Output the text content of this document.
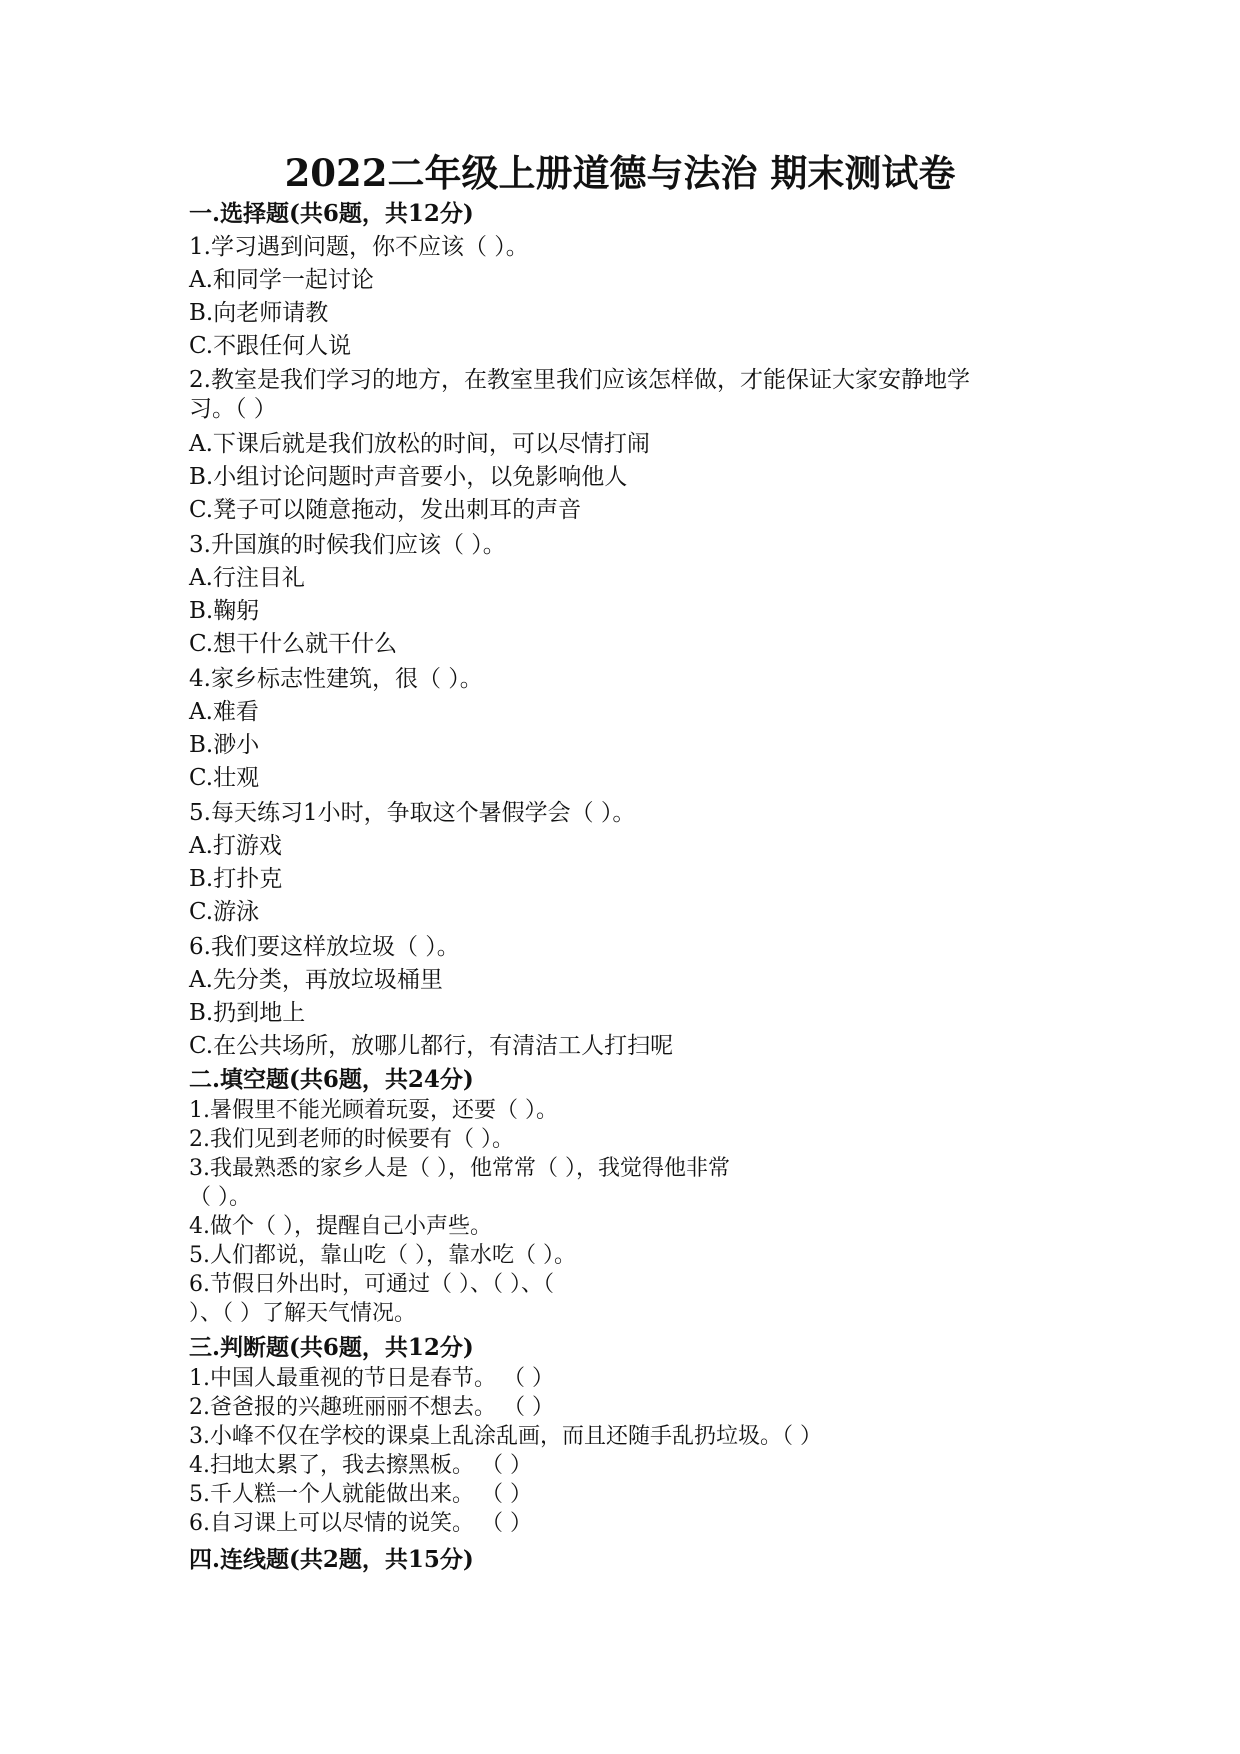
2022二年级上册道德与法治 期末测试卷
一.选择题(共6题，共12分)
1.学习遇到问题，你不应该（ ）。
A.和同学一起讨论
B.向老师请教
C.不跟任何人说
2.教室是我们学习的地方，在教室里我们应该怎样做，才能保证大家安静地学
习。（ ）
A.下课后就是我们放松的时间，可以尽情打闹
B.小组讨论问题时声音要小，以免影响他人
C.凳子可以随意拖动，发出刺耳的声音
3.升国旗的时候我们应该（ ）。
A.行注目礼
B.鞠躬
C.想干什么就干什么
4.家乡标志性建筑，很（ ）。
A.难看
B.渺小
C.壮观
5.每天练习1小时，争取这个暑假学会（ ）。
A.打游戏
B.打扑克
C.游泳
6.我们要这样放垃圾（ ）。
A.先分类，再放垃圾桶里
B.扔到地上
C.在公共场所，放哪儿都行，有清洁工人打扫呢
二.填空题(共6题，共24分)
1.暑假里不能光顾着玩耍，还要（ ）。
2.我们见到老师的时候要有（ ）。
3.我最熟悉的家乡人是（ ），他常常（ ），我觉得他非常
（ ）。
4.做个（ ），提醒自己小声些。
5.人们都说，靠山吃（ ），靠水吃（ ）。
6.节假日外出时，可通过（ ）、（ ）、（
）、（ ）了解天气情况。
三.判断题(共6题，共12分)
1.中国人最重视的节日是春节。 （ ）
2.爸爸报的兴趣班丽丽不想去。 （ ）
3.小峰不仅在学校的课桌上乱涂乱画，而且还随手乱扔垃圾。（ ）
4.扫地太累了，我去擦黑板。 （ ）
5.千人糕一个人就能做出来。 （ ）
6.自习课上可以尽情的说笑。 （ ）
四.连线题(共2题，共15分)
